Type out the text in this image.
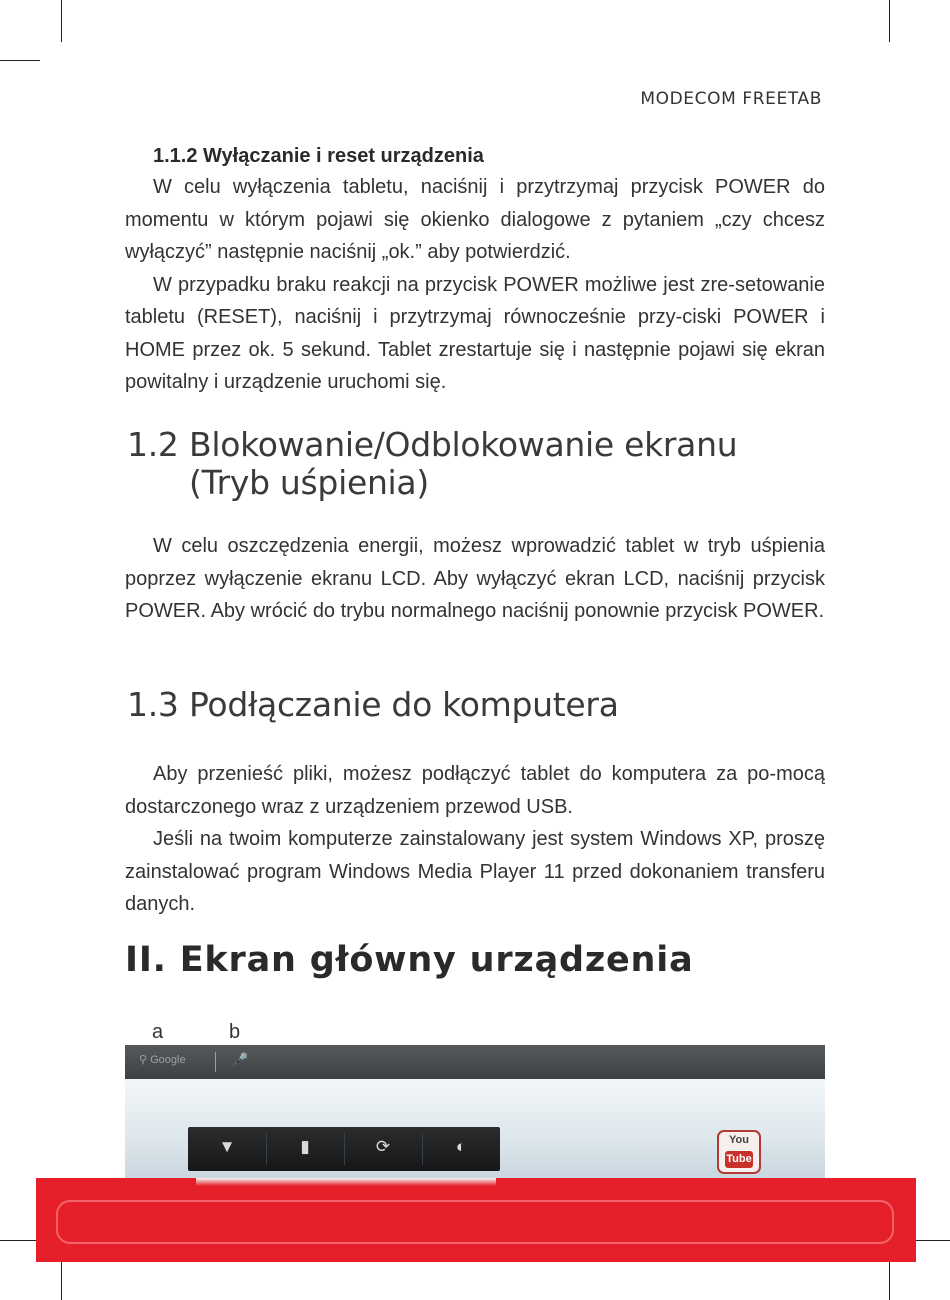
MODECOM FREETAB
1.1.2 Wyłączanie i reset urządzenia

W celu wyłączenia tabletu, naciśnij i przytrzymaj przycisk POWER do momentu w którym pojawi się okienko dialogowe z pytaniem „czy chcesz wyłączyć” następnie naciśnij „ok.” aby potwierdzić.

W przypadku braku reakcji na przycisk POWER możliwe jest zre-setowanie tabletu (RESET), naciśnij i przytrzymaj równocześnie przy-ciski POWER i HOME przez ok. 5 sekund. Tablet zrestartuje się i następnie pojawi się ekran powitalny i urządzenie uruchomi się.

1.2 Blokowanie/Odblokowanie ekranu
(Tryb uśpienia)

W celu oszczędzenia energii, możesz wprowadzić tablet w tryb uśpienia poprzez wyłączenie ekranu LCD. Aby wyłączyć ekran LCD, naciśnij przycisk POWER. Aby wrócić do trybu normalnego naciśnij ponownie przycisk POWER.

1.3 Podłączanie do komputera

Aby przenieść pliki, możesz podłączyć tablet do komputera za po-mocą dostarczonego wraz z urządzeniem przewod USB.

Jeśli na twoim komputerze zainstalowany jest system Windows XP, proszę zainstalować program Windows Media Player 11 przed dokonaniem transferu danych.

II. Ekran główny urządzenia
a	b
⚲ Google	🎤
▼	▮	⟳	◐	You
Tube
